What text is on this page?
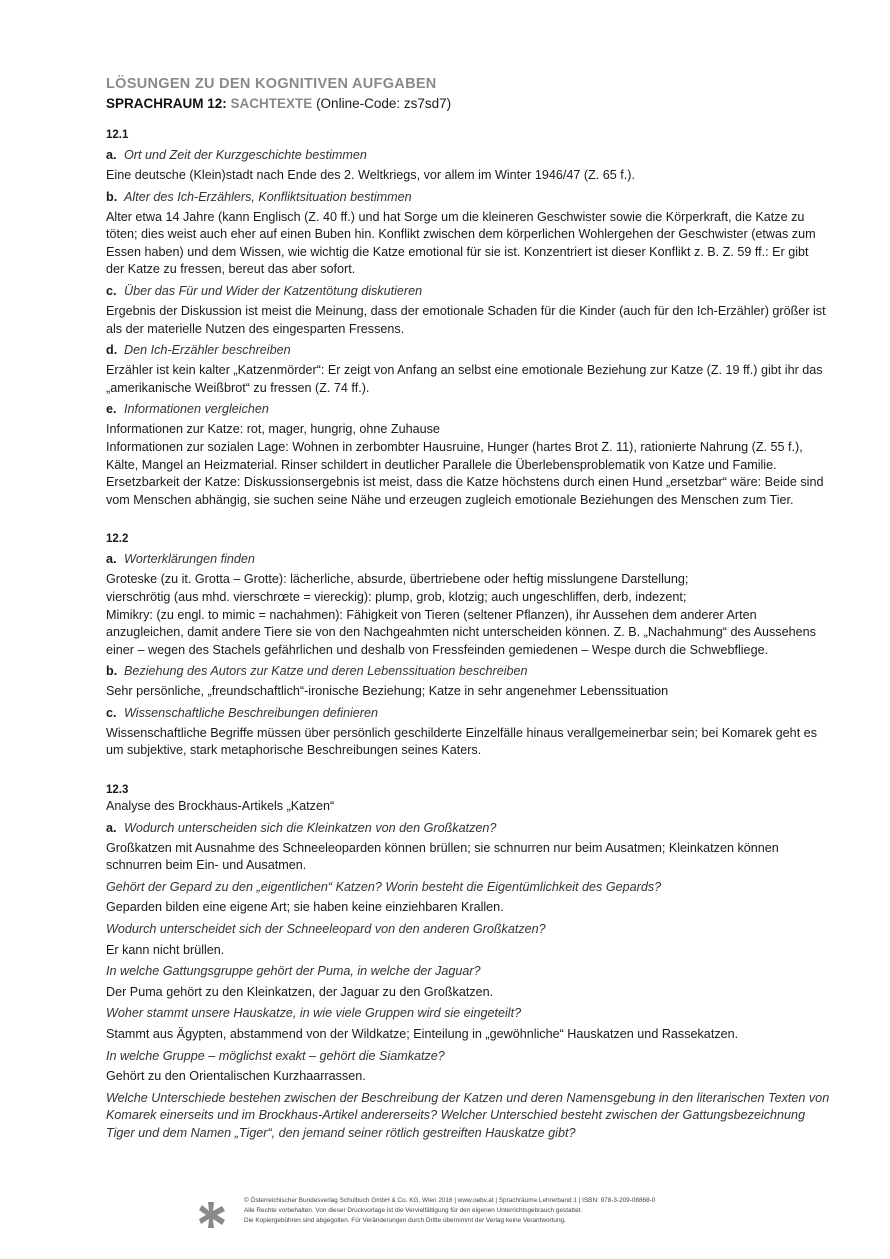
LÖSUNGEN ZU DEN KOGNITIVEN AUFGABEN
SPRACHRAUM 12: SACHTEXTE (Online-Code: zs7sd7)
12.1
a. Ort und Zeit der Kurzgeschichte bestimmen
Eine deutsche (Klein)stadt nach Ende des 2. Weltkriegs, vor allem im Winter 1946/47 (Z. 65 f.).
b. Alter des Ich-Erzählers, Konfliktsituation bestimmen
Alter etwa 14 Jahre (kann Englisch (Z. 40 ff.) und hat Sorge um die kleineren Geschwister sowie die Körperkraft, die Katze zu töten; dies weist auch eher auf einen Buben hin. Konflikt zwischen dem körperlichen Wohlergehen der Geschwister (etwas zum Essen haben) und dem Wissen, wie wichtig die Katze emotional für sie ist. Konzentriert ist dieser Konflikt z. B. Z. 59 ff.: Er gibt der Katze zu fressen, bereut das aber sofort.
c. Über das Für und Wider der Katzentötung diskutieren
Ergebnis der Diskussion ist meist die Meinung, dass der emotionale Schaden für die Kinder (auch für den Ich-Erzähler) größer ist als der materielle Nutzen des eingesparten Fressens.
d. Den Ich-Erzähler beschreiben
Erzähler ist kein kalter „Katzenmörder“: Er zeigt von Anfang an selbst eine emotionale Beziehung zur Katze (Z. 19 ff.) gibt ihr das „amerikanische Weißbrot“ zu fressen (Z. 74 ff.).
e. Informationen vergleichen
Informationen zur Katze: rot, mager, hungrig, ohne Zuhause
Informationen zur sozialen Lage: Wohnen in zerbombter Hausruine, Hunger (hartes Brot Z. 11), rationierte Nahrung (Z. 55 f.), Kälte, Mangel an Heizmaterial. Rinser schildert in deutlicher Parallele die Überlebensproblematik von Katze und Familie.
Ersetzbarkeit der Katze: Diskussionsergebnis ist meist, dass die Katze höchstens durch einen Hund „ersetzbar“ wäre: Beide sind vom Menschen abhängig, sie suchen seine Nähe und erzeugen zugleich emotionale Beziehungen des Menschen zum Tier.
12.2
a. Worterklärungen finden
Groteske (zu it. Grotta – Grotte): lächerliche, absurde, übertriebene oder heftig misslungene Darstellung;
vierschrötig (aus mhd. vierschrœte = viereckig): plump, grob, klotzig; auch ungeschliffen, derb, indezent;
Mimikry: (zu engl. to mimic = nachahmen): Fähigkeit von Tieren (seltener Pflanzen), ihr Aussehen dem anderer Arten anzugleichen, damit andere Tiere sie von den Nachgeahmten nicht unterscheiden können. Z. B. „Nachahmung“ des Aussehens einer – wegen des Stachels gefährlichen und deshalb von Fressfeinden gemiedenen – Wespe durch die Schwebfliege.
b. Beziehung des Autors zur Katze und deren Lebenssituation beschreiben
Sehr persönliche, „freundschaftlich“-ironische Beziehung; Katze in sehr angenehmer Lebenssituation
c. Wissenschaftliche Beschreibungen definieren
Wissenschaftliche Begriffe müssen über persönlich geschilderte Einzelfälle hinaus verallgemeinerbar sein; bei Komarek geht es um subjektive, stark metaphorische Beschreibungen seines Katers.
12.3
Analyse des Brockhaus-Artikels „Katzen“
a. Wodurch unterscheiden sich die Kleinkatzen von den Großkatzen?
Großkatzen mit Ausnahme des Schneeleoparden können brüllen; sie schnurren nur beim Ausatmen; Kleinkatzen können schnurren beim Ein- und Ausatmen.
Gehört der Gepard zu den „eigentlichen“ Katzen? Worin besteht die Eigentümlichkeit des Gepards?
Geparden bilden eine eigene Art; sie haben keine einziehbaren Krallen.
Wodurch unterscheidet sich der Schneeleopard von den anderen Großkatzen?
Er kann nicht brüllen.
In welche Gattungsgruppe gehört der Puma, in welche der Jaguar?
Der Puma gehört zu den Kleinkatzen, der Jaguar zu den Großkatzen.
Woher stammt unsere Hauskatze, in wie viele Gruppen wird sie eingeteilt?
Stammt aus Ägypten, abstammend von der Wildkatze; Einteilung in „gewöhnliche“ Hauskatzen und Rassekatzen.
In welche Gruppe – möglichst exakt – gehört die Siamkatze?
Gehört zu den Orientalischen Kurzhaarrassen.
Welche Unterschiede bestehen zwischen der Beschreibung der Katzen und deren Namensgebung in den literarischen Texten von Komarek einerseits und im Brockhaus-Artikel andererseits? Welcher Unterschied besteht zwischen der Gattungsbezeichnung Tiger und dem Namen „Tiger“, den jemand seiner rötlich gestreiften Hauskatze gibt?
© Österreichischer Bundesverlag Schulbuch GmbH & Co. KG, Wien 2016 | www.oebv.at | Sprachräume Lehrerband 1 | ISBN: 978-3-209-08868-0
Alle Rechte vorbehalten. Von dieser Druckvorlage ist die Vervielfältigung für den eigenen Unterrichtsgebrauch gestattet.
Die Kopiergebühren sind abgegolten. Für Veränderungen durch Dritte übernimmt der Verlag keine Verantwortung.
